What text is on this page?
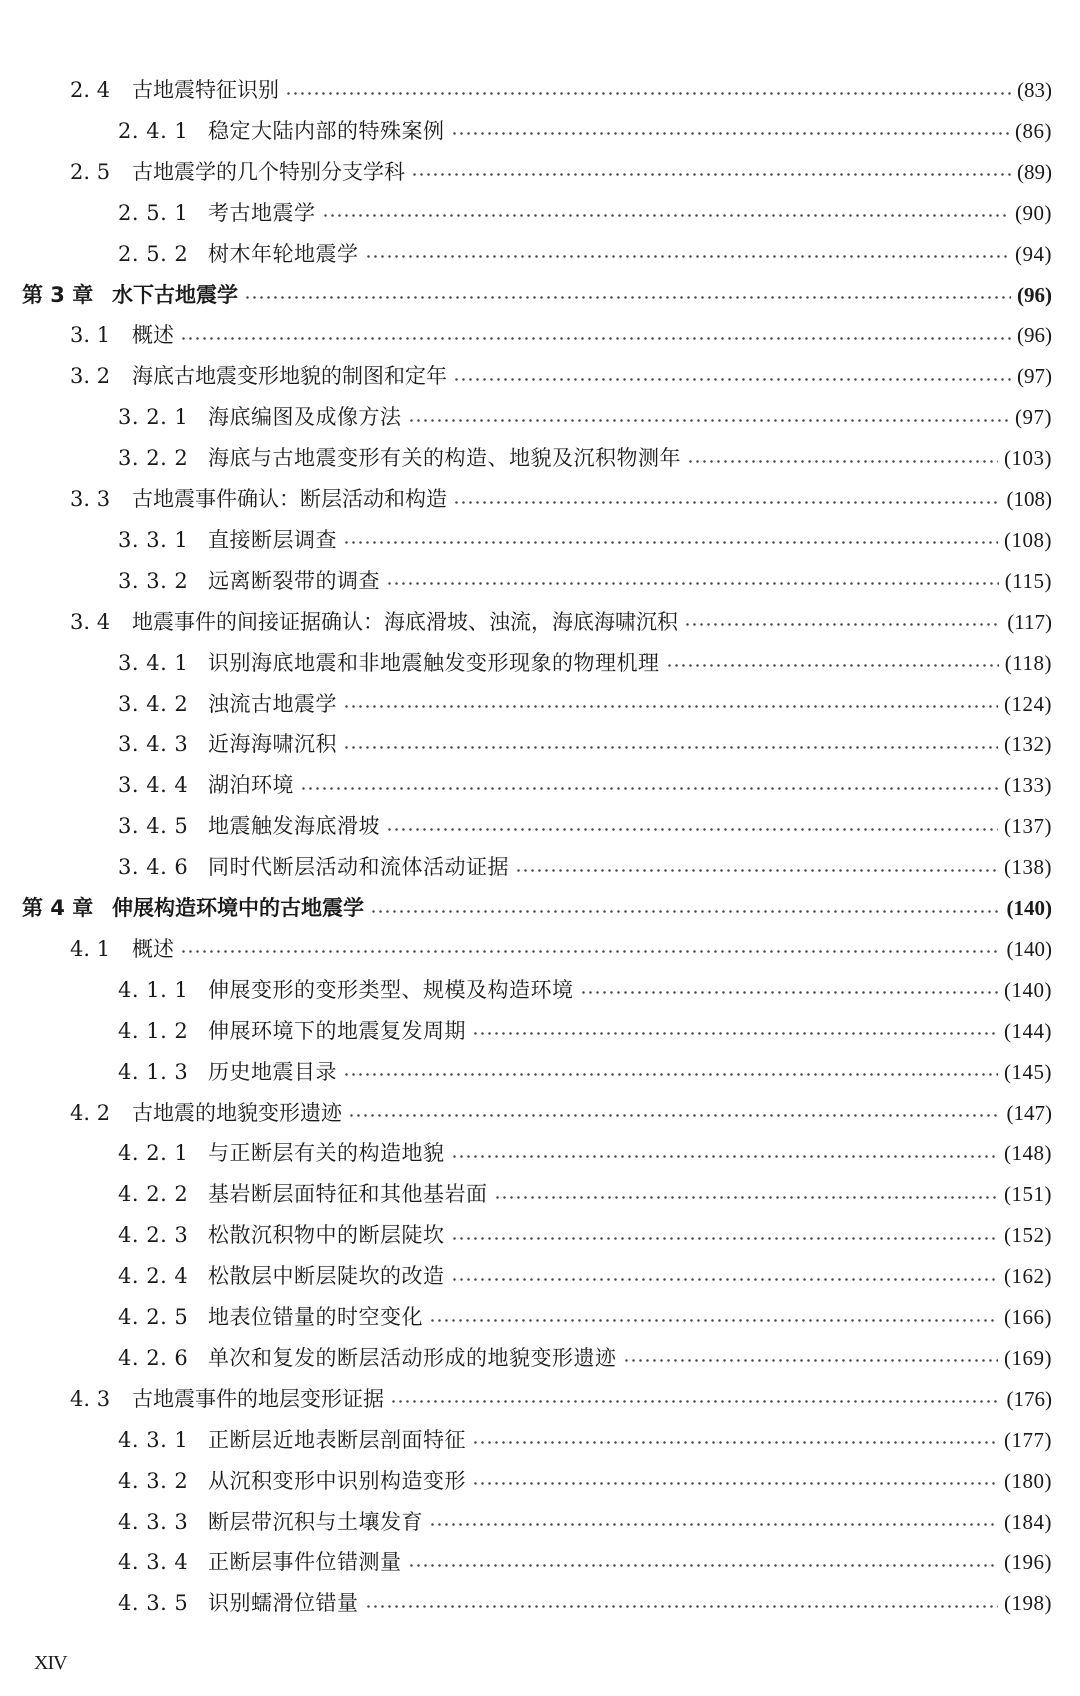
2. 4	古地震特征识别	(83)
2. 4. 1 稳定大陆内部的特殊案例	(86)
2. 5	古地震学的几个特别分支学科	(89)
2. 5. 1 考古地震学	(90)
2. 5. 2 树木年轮地震学	(94)
第 3 章 水下古地震学	(96)
3. 1	概述	(96)
3. 2	海底古地震变形地貌的制图和定年	(97)
3. 2. 1 海底编图及成像方法	(97)
3. 2. 2 海底与古地震变形有关的构造、地貌及沉积物测年	(103)
3. 3	古地震事件确认：断层活动和构造	(108)
3. 3. 1 直接断层调查	(108)
3. 3. 2 远离断裂带的调查	(115)
3. 4	地震事件的间接证据确认：海底滑坡、浊流，海底海啸沉积	(117)
3. 4. 1 识别海底地震和非地震触发变形现象的物理机理	(118)
3. 4. 2 浊流古地震学	(124)
3. 4. 3 近海海啸沉积	(132)
3. 4. 4 湖泊环境	(133)
3. 4. 5 地震触发海底滑坡	(137)
3. 4. 6 同时代断层活动和流体活动证据	(138)
第 4 章 伸展构造环境中的古地震学	(140)
4. 1	概述	(140)
4. 1. 1 伸展变形的变形类型、规模及构造环境	(140)
4. 1. 2 伸展环境下的地震复发周期	(144)
4. 1. 3 历史地震目录	(145)
4. 2	古地震的地貌变形遗迹	(147)
4. 2. 1 与正断层有关的构造地貌	(148)
4. 2. 2 基岩断层面特征和其他基岩面	(151)
4. 2. 3 松散沉积物中的断层陡坎	(152)
4. 2. 4 松散层中断层陡坎的改造	(162)
4. 2. 5 地表位错量的时空变化	(166)
4. 2. 6 单次和复发的断层活动形成的地貌变形遗迹	(169)
4. 3	古地震事件的地层变形证据	(176)
4. 3. 1 正断层近地表断层剖面特征	(177)
4. 3. 2 从沉积变形中识别构造变形	(180)
4. 3. 3 断层带沉积与土壤发育	(184)
4. 3. 4 正断层事件位错测量	(196)
4. 3. 5 识别蠕滑位错量	(198)
XIV
